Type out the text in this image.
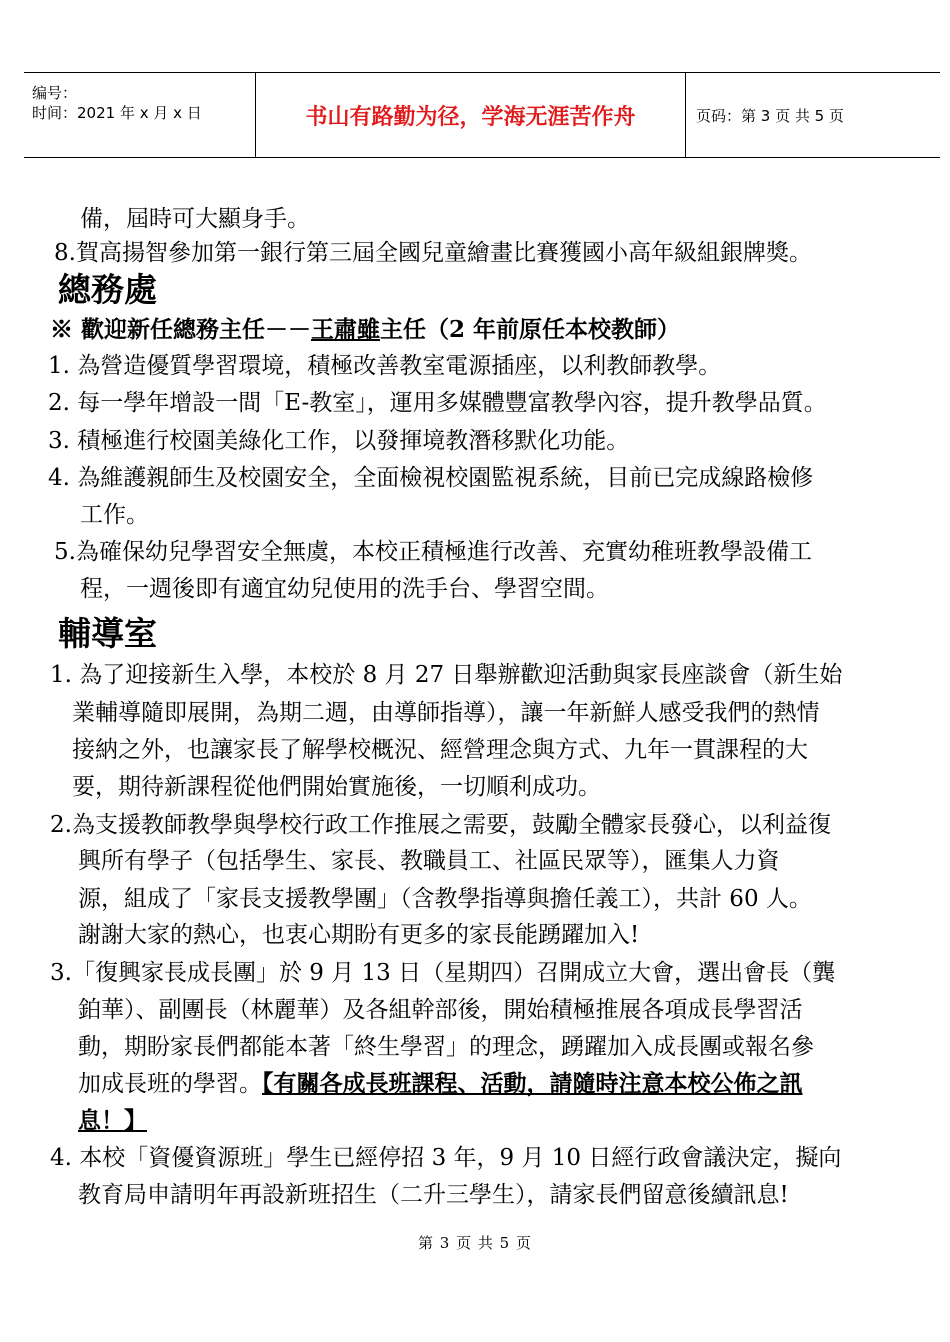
编号：
时间：2021 年 x 月 x 日	书山有路勤为径，学海无涯苦作舟	页码：第 3 页 共 5 页
備，屆時可大顯身手。
8.賀高揚智參加第一銀行第三屆全國兒童繪畫比賽獲國小高年級組銀牌獎。
總務處
※ 歡迎新任總務主任－－王肅雖主任（2 年前原任本校教師）
1. 為營造優質學習環境，積極改善教室電源插座，以利教師教學。
2. 每一學年增設一間「E-教室」，運用多媒體豐富教學內容，提升教學品質。
3. 積極進行校園美綠化工作，以發揮境教潛移默化功能。
4. 為維護親師生及校園安全，全面檢視校園監視系統，目前已完成線路檢修
工作。
5.為確保幼兒學習安全無虞，本校正積極進行改善、充實幼稚班教學設備工
程，一週後即有適宜幼兒使用的洗手台、學習空間。
輔導室
1. 為了迎接新生入學，本校於 8 月 27 日舉辦歡迎活動與家長座談會（新生始
業輔導隨即展開，為期二週，由導師指導），讓一年新鮮人感受我們的熱情
接納之外，也讓家長了解學校概況、經營理念與方式、九年一貫課程的大
要，期待新課程從他們開始實施後，一切順利成功。
2.為支援教師教學與學校行政工作推展之需要，鼓勵全體家長發心，以利益復
興所有學子（包括學生、家長、教職員工、社區民眾等），匯集人力資
源，組成了「家長支援教學團」（含教學指導與擔任義工），共計 60 人。
謝謝大家的熱心，也衷心期盼有更多的家長能踴躍加入!
3.「復興家長成長團」於 9 月 13 日（星期四）召開成立大會，選出會長（龔
鉑華）、副團長（林麗華）及各組幹部後，開始積極推展各項成長學習活
動，期盼家長們都能本著「終生學習」的理念，踴躍加入成長團或報名參
加成長班的學習。【有關各成長班課程、活動，請隨時注意本校公佈之訊
息！】
4. 本校「資優資源班」學生已經停招 3 年，9 月 10 日經行政會議決定，擬向
教育局申請明年再設新班招生（二升三學生），請家長們留意後續訊息!
第 3 页 共 5 页
